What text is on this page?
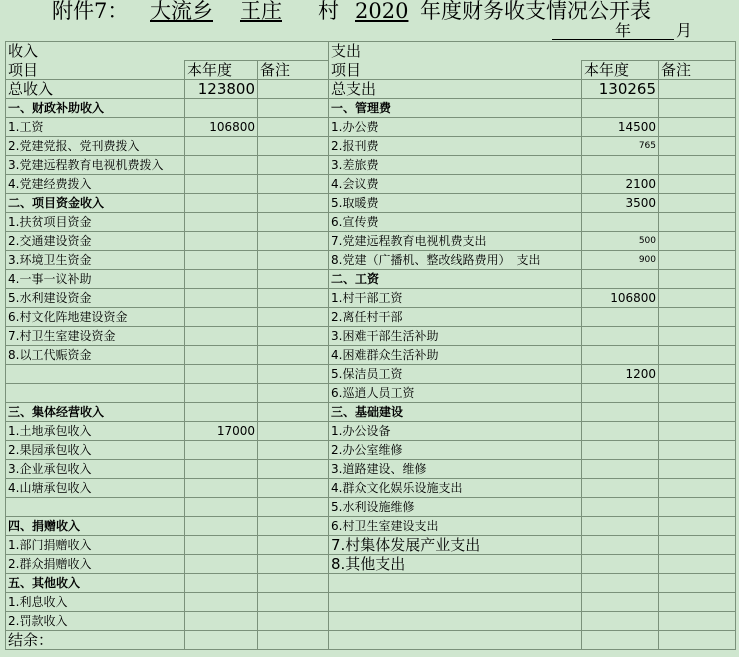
附件7： 大流乡 王庄 村 2020 年度财务收支情况公开表
年	月
收入			支出		
项目	本年度	备注	项目	本年度	备注
总收入	123800		总支出	130265	
一、财政补助收入			一、管理费		
1.工资	106800		1.办公费	14500	
2.党建党报、党刊费拨入			2.报刊费	765	
3.党建远程教育电视机费拨入			3.差旅费		
4.党建经费拨入			4.会议费	2100	
二、项目资金收入			5.取暖费	3500	
1.扶贫项目资金			6.宣传费		
2.交通建设资金			7.党建远程教育电视机费支出	500	
3.环境卫生资金			8.党建（广播机、整改线路费用）　支出	900	
4.一事一议补助			二、工资		
5.水利建设资金			1.村干部工资	106800	
6.村文化阵地建设资金			2.离任村干部		
7.村卫生室建设资金			3.困难干部生活补助		
8.以工代赈资金			4.困难群众生活补助		
			5.保洁员工资	1200	
			6.巡逍人员工资		
三、集体经营收入			三、基础建设		
1.土地承包收入	17000		1.办公设备		
2.果园承包收入			2.办公室维修		
3.企业承包收入			3.道路建设、维修		
4.山塘承包收入			4.群众文化娱乐设施支出		
			5.水利设施维修		
四、捐赠收入			6.村卫生室建设支出		
1.部门捐赠收入			7.村集体发展产业支出		
2.群众捐赠收入			8.其他支出		
五、其他收入					
1.利息收入					
2.罚款收入					
结余：					
